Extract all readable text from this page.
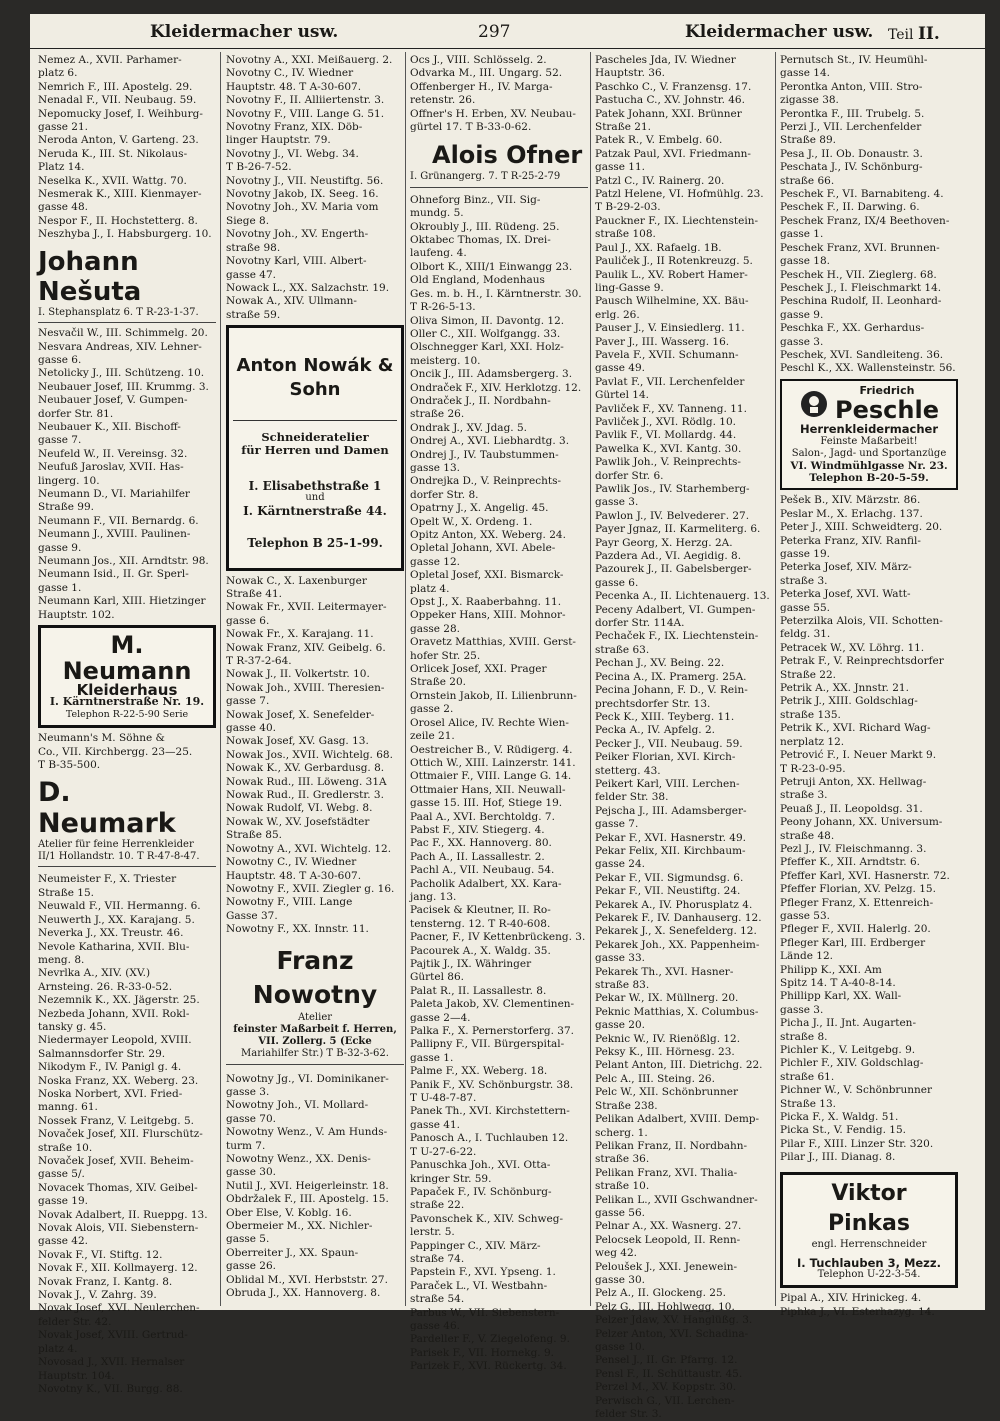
Kleidermacher usw.	297	Kleidermacher usw. Teil II.
Nemez A., XVII. Parhamer-
platz 6.
Nemrich F., III. Apostelg. 29.
Nenadal F., VII. Neubaug. 59.
Nepomucky Josef, I. Weihburg-
gasse 21.
Neroda Anton, V. Garteng. 23.
Neruda K., III. St. Nikolaus-
Platz 14.
Neselka K., XVII. Wattg. 70.
Nesmerak K., XIII. Kienmayer-
gasse 48.
Nespor F., II. Hochstetterg. 8.
Neszhyba J., I. Habsburgerg. 10.
Johann Nešuta
I. Stephansplatz 6. T R-23-1-37.
Nesvačil W., III. Schimmelg. 20.
Nesvara Andreas, XIV. Lehner-
gasse 6.
Netolicky J., III. Schützeng. 10.
Neubauer Josef, III. Krummg. 3.
Neubauer Josef, V. Gumpen-
dorfer Str. 81.
Neubauer K., XII. Bischoff-
gasse 7.
Neufeld W., II. Vereinsg. 32.
Neufuß Jaroslav, XVII. Has-
lingerg. 10.
Neumann D., VI. Mariahilfer
Straße 99.
Neumann F., VII. Bernardg. 6.
Neumann J., XVIII. Paulinen-
gasse 9.
Neumann Jos., XII. Arndtstr. 98.
Neumann Isid., II. Gr. Sperl-
gasse 1.
Neumann Karl, XIII. Hietzinger
Hauptstr. 102.
M. Neumann
Kleiderhaus
I. Kärntnerstraße Nr. 19.
Telephon R-22-5-90 Serie
Neumann's M. Söhne &
Co., VII. Kirchbergg. 23—25.
T B-35-500.
D. Neumark
Atelier für feine Herrenkleider
II/1 Hollandstr. 10. T R-47-8-47.
Neumeister F., X. Triester
Straße 15.
Neuwald F., VII. Hermanng. 6.
Neuwerth J., XX. Karajang. 5.
Neverka J., XX. Treustr. 46.
Nevole Katharina, XVII. Blu-
meng. 8.
Nevrlka A., XIV. (XV.)
Arnsteing. 26. R-33-0-52.
Nezemnik K., XX. Jägerstr. 25.
Nezbeda Johann, XVII. Rokl-
tansky g. 45.
Niedermayer Leopold, XVIII.
Salmannsdorfer Str. 29.
Nikodym F., IV. Panigl g. 4.
Noska Franz, XX. Weberg. 23.
Noska Norbert, XVI. Fried-
manng. 61.
Nossek Franz, V. Leitgebg. 5.
Novaček Josef, XII. Flurschütz-
straße 10.
Novaček Josef, XVII. Beheim-
gasse 5/.
Novacek Thomas, XIV. Geibel-
gasse 19.
Novak Adalbert, II. Rueppg. 13.
Novak Alois, VII. Siebenstern-
gasse 42.
Novak F., VI. Stiftg. 12.
Novak F., XII. Kollmayerg. 12.
Novak Franz, I. Kantg. 8.
Novak J., V. Zahrg. 39.
Novak Josef, XVI. Neulerchen-
felder Str. 42.
Novak Josef, XVIII. Gertrud-
platz 4.
Novosad J., XVII. Hernalser
Hauptstr. 104.
Novotny K., VII. Burgg. 88.
Novotny A., XXI. Meißauerg. 2.
Novotny C., IV. Wiedner
Hauptstr. 48. T A-30-607.
Novotny F., II. Alliiertenstr. 3.
Novotny F., VIII. Lange G. 51.
Novotny Franz, XIX. Döb-
linger Hauptstr. 79.
Novotny J., VI. Webg. 34.
T B-26-7-52.
Novotny J., VII. Neustiftg. 56.
Novotny Jakob, IX. Seeg. 16.
Novotny Joh., XV. Maria vom
Siege 8.
Novotny Joh., XV. Engerth-
straße 98.
Novotny Karl, VIII. Albert-
gasse 47.
Nowack L., XX. Salzachstr. 19.
Nowak A., XIV. Ullmann-
straße 59.
Anton Nowák & Sohn
Schneideratelier
für Herren und Damen
I. Elisabethstraße 1
und
I. Kärntnerstraße 44.
Telephon B 25-1-99.
Nowak C., X. Laxenburger
Straße 41.
Nowak Fr., XVII. Leitermayer-
gasse 6.
Nowak Fr., X. Karajang. 11.
Nowak Franz, XIV. Geibelg. 6.
T R-37-2-64.
Nowak J., II. Volkertstr. 10.
Nowak Joh., XVIII. Theresien-
gasse 7.
Nowak Josef, X. Senefelder-
gasse 40.
Nowak Josef, XV. Gasg. 13.
Nowak Jos., XVII. Wichtelg. 68.
Nowak K., XV. Gerbardusg. 8.
Nowak Rud., III. Löweng. 31A
Nowak Rud., II. Gredlerstr. 3.
Nowak Rudolf, VI. Webg. 8.
Nowak W., XV. Josefstädter
Straße 85.
Nowotny A., XVI. Wichtelg. 12.
Nowotny C., IV. Wiedner
Hauptstr. 48. T A-30-607.
Nowotny F., XVII. Ziegler g. 16.
Nowotny F., VIII. Lange
Gasse 37.
Nowotny F., XX. Innstr. 11.
Franz Nowotny
Atelier
feinster Maßarbeit f. Herren,
VII. Zollerg. 5 (Ecke
Mariahilfer Str.) T B-32-3-62.
Nowotny Jg., VI. Dominikaner-
gasse 3.
Nowotny Joh., VI. Mollard-
gasse 70.
Nowotny Wenz., V. Am Hunds-
turm 7.
Nowotny Wenz., XX. Denis-
gasse 30.
Nutil J., XVI. Heigerleinstr. 18.
Obdržalek F., III. Apostelg. 15.
Ober Else, V. Koblg. 16.
Obermeier M., XX. Nichler-
gasse 5.
Oberreiter J., XX. Spaun-
gasse 26.
Oblidal M., XVI. Herbststr. 27.
Obruda J., XX. Hannoverg. 8.
Ocs J., VIII. Schlösselg. 2.
Odvarka M., III. Ungarg. 52.
Offenberger H., IV. Marga-
retenstr. 26.
Offner's H. Erben, XV. Neubau-
gürtel 17. T B-33-0-62.
Alois Ofner
I. Grünangerg. 7. T R-25-2-79
Ohneforg Binz., VII. Sig-
mundg. 5.
Okroubly J., III. Rüdeng. 25.
Oktabec Thomas, IX. Drei-
laufeng. 4.
Olbort K., XIII/1 Einwangg 23.
Old England, Modenhaus
Ges. m. b. H., I. Kärntnerstr. 30.
T R-26-5-13.
Oliva Simon, II. Davontg. 12.
Oller C., XII. Wolfgangg. 33.
Olschnegger Karl, XXI. Holz-
meisterg. 10.
Oncik J., III. Adamsbergerg. 3.
Ondraček F., XIV. Herklotzg. 12.
Ondraček J., II. Nordbahn-
straße 26.
Ondrak J., XV. Jdag. 5.
Ondrej A., XVI. Liebhardtg. 3.
Ondrej J., IV. Taubstummen-
gasse 13.
Ondrejka D., V. Reinprechts-
dorfer Str. 8.
Opatrny J., X. Angelig. 45.
Opelt W., X. Ordeng. 1.
Opitz Anton, XX. Weberg. 24.
Opletal Johann, XVI. Abele-
gasse 12.
Opletal Josef, XXI. Bismarck-
platz 4.
Opst J., X. Raaberbahng. 11.
Oppeker Hans, XIII. Mohnor-
gasse 28.
Oravetz Matthias, XVIII. Gerst-
hofer Str. 25.
Orlicek Josef, XXI. Prager
Straße 20.
Ornstein Jakob, II. Lilienbrunn-
gasse 2.
Orosel Alice, IV. Rechte Wien-
zeile 21.
Oestreicher B., V. Rüdigerg. 4.
Ottich W., XIII. Lainzerstr. 141.
Ottmaier F., VIII. Lange G. 14.
Ottmaier Hans, XII. Neuwall-
gasse 15. III. Hof, Stiege 19.
Paal A., XVI. Berchtoldg. 7.
Pabst F., XIV. Stiegerg. 4.
Pac F., XX. Hannoverg. 80.
Pach A., II. Lassallestr. 2.
Pachl A., VII. Neubaug. 54.
Pacholik Adalbert, XX. Kara-
jang. 13.
Pacisek & Kleutner, II. Ro-
tensterng. 12. T R-40-608.
Pacner, F., IV Kettenbrückeng. 3.
Pacourek A., X. Waldg. 35.
Pajtik J., IX. Währinger
Gürtel 86.
Palat R., II. Lassallestr. 8.
Paleta Jakob, XV. Clementinen-
gasse 2—4.
Palka F., X. Pernerstorferg. 37.
Pallipny F., VII. Bürgerspital-
gasse 1.
Palme F., XX. Weberg. 18.
Panik F., XV. Schönburgstr. 38.
T U-48-7-87.
Panek Th., XVI. Kirchstettern-
gasse 41.
Panosch A., I. Tuchlauben 12.
T U-27-6-22.
Panuschka Joh., XVI. Otta-
kringer Str. 59.
Papaček F., IV. Schönburg-
straße 22.
Pavonschek K., XIV. Schweg-
lerstr. 5.
Pappinger C., XIV. März-
straße 74.
Papstein F., XVI. Ypseng. 1.
Paraček L., VI. Westbahn-
straße 54.
Parbus W., VII. Siebenstern-
gasse 46.
Pardeller F., V. Ziegelofeng. 9.
Parisek F., VII. Hornekg. 9.
Parizek F., XVI. Rückertg. 34.
Pascheles Jda, IV. Wiedner
Hauptstr. 36.
Paschko C., V. Franzensg. 17.
Pastucha C., XV. Johnstr. 46.
Patek Johann, XXI. Brünner
Straße 21.
Patek R., V. Embelg. 60.
Patzak Paul, XVI. Friedmann-
gasse 11.
Patzl C., IV. Rainerg. 20.
Patzl Helene, VI. Hofmühlg. 23.
T B-29-2-03.
Pauckner F., IX. Liechtenstein-
straße 108.
Paul J., XX. Rafaelg. 1B.
Pauliček J., II Rotenkreuzg. 5.
Paulik L., XV. Robert Hamer-
ling-Gasse 9.
Pausch Wilhelmine, XX. Bäu-
erlg. 26.
Pauser J., V. Einsiedlerg. 11.
Paver J., III. Wasserg. 16.
Pavela F., XVII. Schumann-
gasse 49.
Pavlat F., VII. Lerchenfelder
Gürtel 14.
Pavliček F., XV. Tanneng. 11.
Pavliček J., XVI. Rödlg. 10.
Pavlik F., VI. Mollardg. 44.
Pawelka K., XVI. Kantg. 30.
Pawlik Joh., V. Reinprechts-
dorfer Str. 6.
Pawlik Jos., IV. Starhemberg-
gasse 3.
Pawlon J., IV. Belvederег. 27.
Payer Jgnaz, II. Karmeliterg. 6.
Payr Georg, X. Herzg. 2A.
Pazdera Ad., VI. Aegidig. 8.
Pazourek J., II. Gabelsberger-
gasse 6.
Pecenka A., II. Lichtenauerg. 13.
Peceny Adalbert, VI. Gumpen-
dorfer Str. 114A.
Pechaček F., IX. Liechtenstein-
straße 63.
Pechan J., XV. Being. 22.
Pecina A., IX. Pramerg. 25A.
Pecina Johann, F. D., V. Rein-
prechtsdorfer Str. 13.
Peck K., XIII. Teyberg. 11.
Pecka A., IV. Apfelg. 2.
Pecker J., VII. Neubaug. 59.
Peiker Florian, XVI. Kirch-
stetterg. 43.
Peikert Karl, VIII. Lerchen-
felder Str. 38.
Pejscha J., III. Adamsberger-
gasse 7.
Pekar F., XVI. Hasnerstr. 49.
Pekar Felix, XII. Kirchbaum-
gasse 24.
Pekar F., VII. Sigmundsg. 6.
Pekar F., VII. Neustiftg. 24.
Pekarek A., IV. Phorusplatz 4.
Pekarek F., IV. Danhauserg. 12.
Pekarek J., X. Senefelderg. 12.
Pekarek Joh., XX. Pappenheim-
gasse 33.
Pekarek Th., XVI. Hasner-
straße 83.
Pekar W., IX. Müllnerg. 20.
Peknic Matthias, X. Columbus-
gasse 20.
Peknic W., IV. Rienößlg. 12.
Peksy K., III. Hörnesg. 23.
Pelant Anton, III. Dietrichg. 22.
Pelc A., III. Steing. 26.
Pelc W., XII. Schönbrunner
Straße 238.
Pelikan Adalbert, XVIII. Demp-
scherg. 1.
Pelikan Franz, II. Nordbahn-
straße 36.
Pelikan Franz, XVI. Thalia-
straße 10.
Pelikan L., XVII Gschwandner-
gasse 56.
Pelnar A., XX. Wasnerg. 27.
Pelocsek Leopold, II. Renn-
weg 42.
Peloušek J., XXI. Jenewein-
gasse 30.
Pelz A., II. Glockeng. 25.
Pelz G., III. Hohlwegg. 10.
Pelzer Jdaw, XV. Hanglüßg. 3.
Pelzer Anton, XVI. Schadina-
gasse 10.
Pensel J., II. Gr. Pfarrg. 12.
Pensl F., II. Schüttaustr. 45.
Perzel M., XV. Koppstr. 30.
Perwisch G., VII. Lerchen-
felder Str. 3.
Pernutsch St., IV. Heumühl-
gasse 14.
Perontka Anton, VIII. Stro-
zigasse 38.
Perontka F., III. Trubelg. 5.
Perzi J., VII. Lerchenfelder
Straße 89.
Pesa J., II. Ob. Donaustr. 3.
Peschata J., IV. Schönburg-
straße 66.
Peschek F., VI. Barnabiteng. 4.
Peschek F., II. Darwing. 6.
Peschek Franz, IX/4 Beethoven-
gasse 1.
Peschek Franz, XVI. Brunnen-
gasse 18.
Peschek H., VII. Zieglerg. 68.
Peschek J., I. Fleischmarkt 14.
Peschina Rudolf, II. Leonhard-
gasse 9.
Peschka F., XX. Gerhardus-
gasse 3.
Peschek, XVI. Sandleiteng. 36.
Peschl K., XX. Wallensteinstr. 56.
Friedrich
Peschle
Herrenkleidermacher
Feinste Maßarbeit!
Salon-, Jagd- und Sportanzüge
VI. Windmühlgasse Nr. 23.
Telephon B-20-5-59.
Pešek B., XIV. Märzstr. 86.
Peslar M., X. Erlachg. 137.
Peter J., XIII. Schweidterg. 20.
Peterka Franz, XIV. Ranfil-
gasse 19.
Peterka Josef, XIV. März-
straße 3.
Peterka Josef, XVI. Watt-
gasse 55.
Peterzilka Alois, VII. Schotten-
feldg. 31.
Petracek W., XV. Löhrg. 11.
Petrak F., V. Reinprechtsdorfer
Straße 22.
Petrik A., XX. Jnnstr. 21.
Petrik J., XIII. Goldschlag-
straße 135.
Petrik K., XVI. Richard Wag-
nerplatz 12.
Petrović F., I. Neuer Markt 9.
T R-23-0-95.
Petruji Anton, XX. Hellwag-
straße 3.
Peuaß J., II. Leopoldsg. 31.
Peony Johann, XX. Universum-
straße 48.
Pezl J., IV. Fleischmanng. 3.
Pfeffer K., XII. Arndtstr. 6.
Pfeffer Karl, XVI. Hasnerstr. 72.
Pfeffer Florian, XV. Pelzg. 15.
Pfleger Franz, X. Ettenreich-
gasse 53.
Pfleger F., XVII. Halerlg. 20.
Pfleger Karl, III. Erdberger
Lände 12.
Philipp K., XXI. Am
Spitz 14. T A-40-8-14.
Phillipp Karl, XX. Wall-
gasse 3.
Picha J., II. Jnt. Augarten-
straße 8.
Pichler K., V. Leitgebg. 9.
Pichler F., XIV. Goldschlag-
straße 61.
Pichner W., V. Schönbrunner
Straße 13.
Picka F., X. Waldg. 51.
Picka St., V. Fendig. 15.
Pilar F., XIII. Linzer Str. 320.
Pilar J., III. Dianag. 8.
Viktor Pinkas
engl. Herrenschneider
I. Tuchlauben 3, Mezz.
Telephon U-22-3-54.
Pipal A., XIV. Hrinickeg. 4.
Piphka J., VI. Esterhazyg. 14.
